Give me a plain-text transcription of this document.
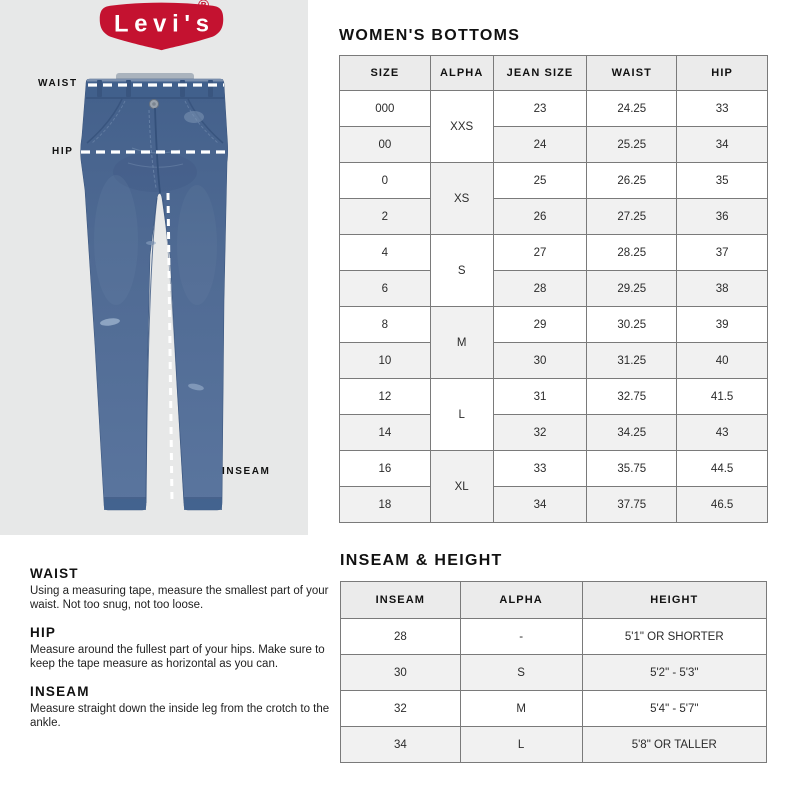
Levi's
®
WAIST
HIP
INSEAM
WOMEN'S BOTTOMS
SIZE	ALPHA	JEAN SIZE	WAIST	HIP
000	XXS	23	24.25	33
00		24	25.25	34
0	XS	25	26.25	35
2		26	27.25	36
4	S	27	28.25	37
6		28	29.25	38
8	M	29	30.25	39
10		30	31.25	40
12	L	31	32.75	41.5
14		32	34.25	43
16	XL	33	35.75	44.5
18		34	37.75	46.5
WAIST

Using a measuring tape, measure the smallest part of your waist. Not too snug, not too loose.

HIP

Measure around the fullest part of your hips. Make sure to keep the tape measure as horizontal as you can.

INSEAM

Measure straight down the inside leg from the crotch to the ankle.

INSEAM & HEIGHT
INSEAM	ALPHA	HEIGHT
28	-	5'1" OR SHORTER
30	S	5'2" - 5'3"
32	M	5'4" - 5'7"
34	L	5'8" OR TALLER
